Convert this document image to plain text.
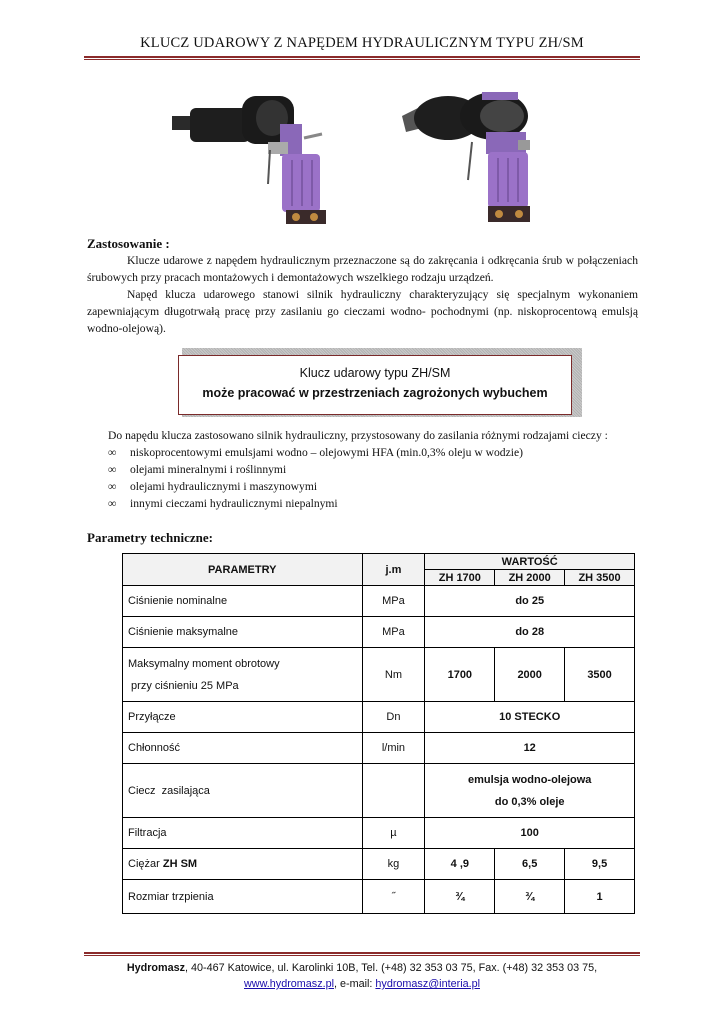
KLUCZ UDAROWY Z NAPĘDEM HYDRAULICZNYM TYPU ZH/SM
Zastosowanie :
Klucze udarowe z napędem hydraulicznym przeznaczone są do zakręcania i odkręcania śrub w połączeniach śrubowych przy pracach montażowych i demontażowych wszelkiego rodzaju urządzeń.
Napęd klucza udarowego stanowi silnik hydrauliczny charakteryzujący się specjalnym wykonaniem zapewniającym długotrwałą pracę przy zasilaniu go cieczami wodno- pochodnymi (np. niskoprocentową emulsją wodno-olejową).
Klucz udarowy typu ZH/SM
może pracować w przestrzeniach zagrożonych wybuchem
Do napędu klucza zastosowano silnik hydrauliczny, przystosowany do zasilania różnymi rodzajami cieczy :
∞ niskoprocentowymi emulsjami wodno – olejowymi HFA (min.0,3% oleju w wodzie)
∞ olejami mineralnymi i roślinnymi
∞ olejami hydraulicznymi i maszynowymi
∞ innymi cieczami hydraulicznymi niepalnymi
Parametry techniczne:
PARAMETRY	j.m	WARTOŚĆ		
		ZH 1700	ZH 2000	ZH 3500
Ciśnienie nominalne	MPa	do 25		
Ciśnienie maksymalne	MPa	do 28		

Maksymalny moment obrotowy
przy ciśnieniu 25 MPa	Nm	1700	2000	3500
Przyłącze	Dn	10 STECKO		
Chłonność	l/min	12		
Ciecz  zasilająca		emulsja wodno-olejowa
do 0,3% oleje		

Filtracja	µ	100		
Ciężar ZH SM	kg	4 ,9	6,5	9,5
Rozmiar trzpienia	˝	¾	¾	1
Hydromasz, 40-467 Katowice, ul. Karolinki 10B, Tel. (+48) 32 353 03 75, Fax. (+48) 32 353 03 75,
www.hydromasz.pl, e-mail: hydromasz@interia.pl
